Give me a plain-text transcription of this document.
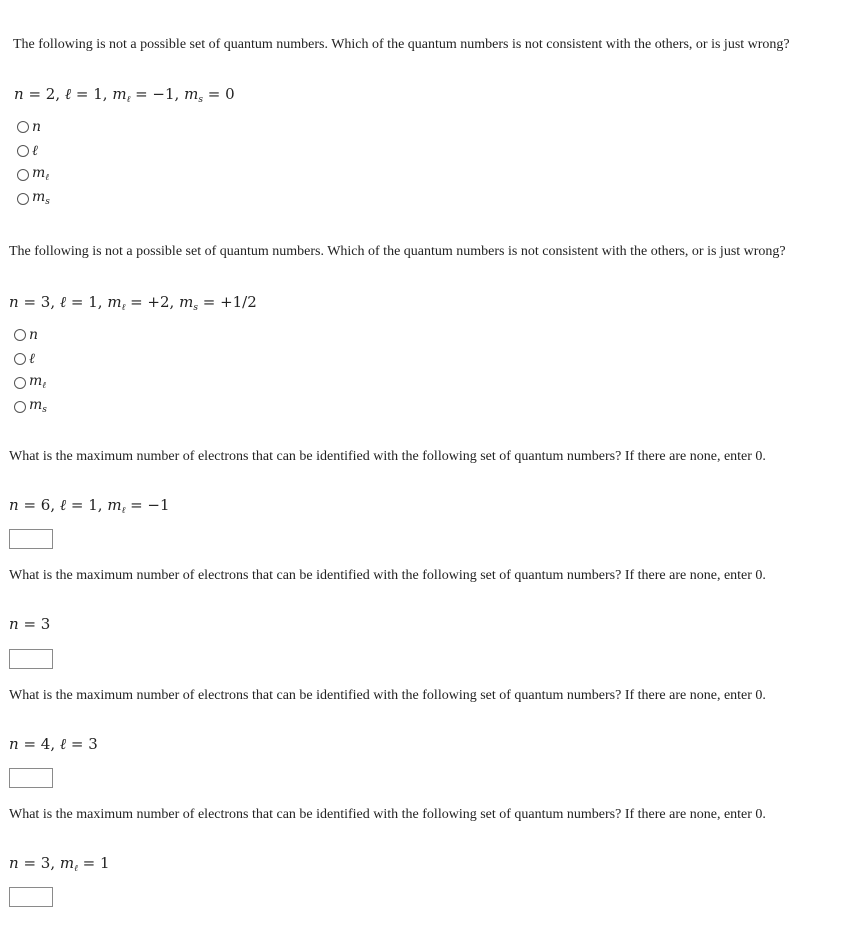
The following is not a possible set of quantum numbers. Which of the quantum numbers is not consistent with the others, or is just wrong?

n = 2, ℓ = 1, $m_\ell = -1$, $m_s = 0$
n
ℓ
$m_\ell$
$m_s$

The following is not a possible set of quantum numbers. Which of the quantum numbers is not consistent with the others, or is just wrong?

n = 3, ℓ = 1, $m_\ell = +2$, $m_s = +1/2$
n
ℓ
$m_\ell$
$m_s$

What is the maximum number of electrons that can be identified with the following set of quantum numbers? If there are none, enter 0.

n = 6, ℓ = 1, $m_\ell = -1$

What is the maximum number of electrons that can be identified with the following set of quantum numbers? If there are none, enter 0.

n = 3

What is the maximum number of electrons that can be identified with the following set of quantum numbers? If there are none, enter 0.

n = 4, ℓ = 3

What is the maximum number of electrons that can be identified with the following set of quantum numbers? If there are none, enter 0.

n = 3, $m_\ell = 1$
